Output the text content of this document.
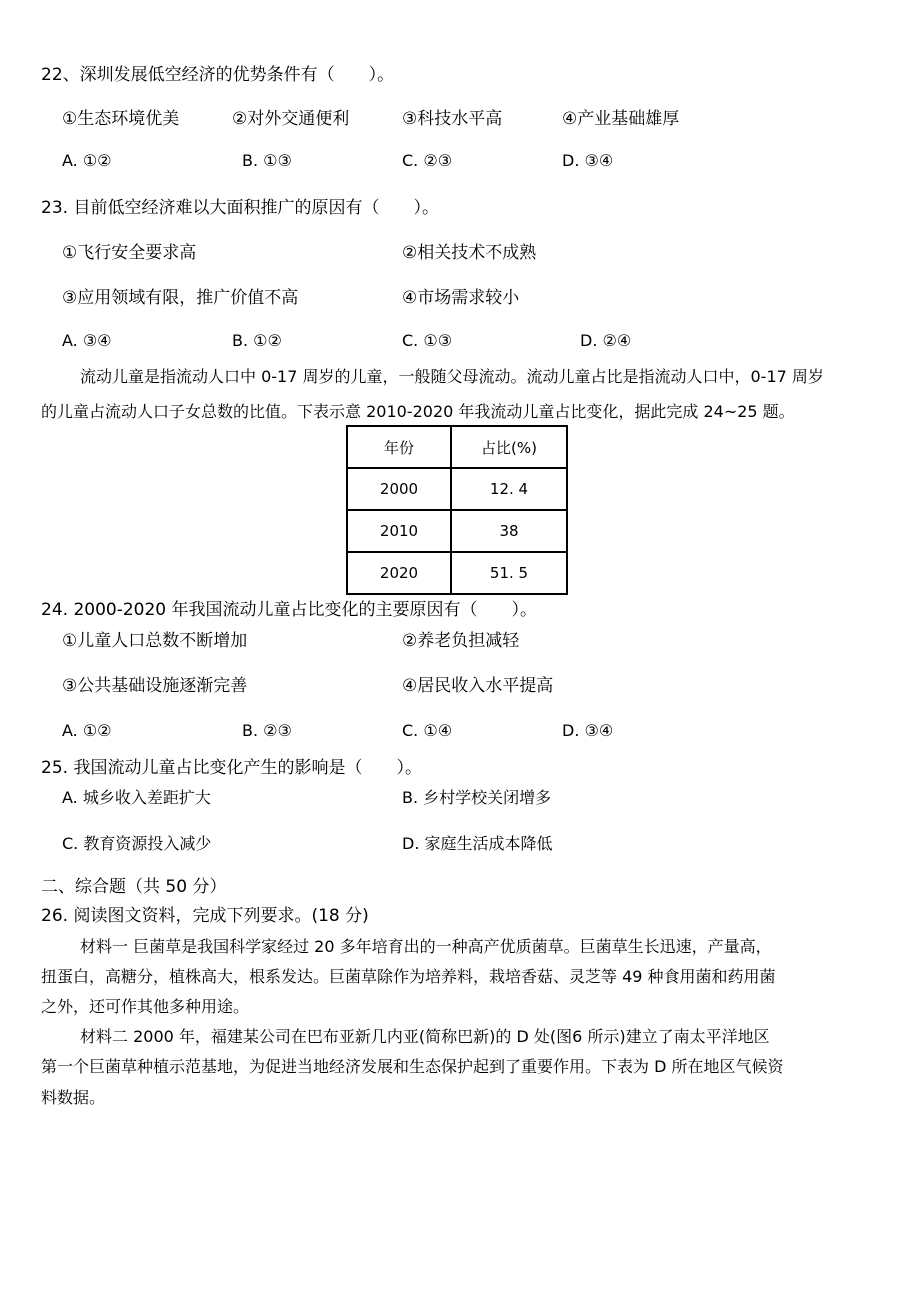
22、深圳发展低空经济的优势条件有（　　）。
①生态环境优美	②对外交通便利	③科技水平高	④产业基础雄厚
A. ①②	B. ①③	C. ②③	D. ③④
23. 目前低空经济难以大面积推广的原因有（　　）。
①飞行安全要求高	②相关技术不成熟
③应用领域有限，推广价值不高	④市场需求较小
A. ③④	B. ①②	C. ①③	D. ②④
流动儿童是指流动人口中 0-17 周岁的儿童，一般随父母流动。流动儿童占比是指流动人口中，0-17 周岁
的儿童占流动人口子女总数的比值。下表示意 2010-2020 年我流动儿童占比变化，据此完成 24~25 题。
年份	占比(%)
2000	12. 4
2010	38
2020	51. 5
24. 2000-2020 年我国流动儿童占比变化的主要原因有（　　）。
①儿童人口总数不断增加	②养老负担减轻
③公共基础设施逐渐完善	④居民收入水平提高
A. ①②	B. ②③	C. ①④	D. ③④
25. 我国流动儿童占比变化产生的影响是（　　）。
A. 城乡收入差距扩大	B. 乡村学校关闭增多
C. 教育资源投入减少	D. 家庭生活成本降低
二、综合题（共 50 分）
26. 阅读图文资料，完成下列要求。(18 分)
材料一 巨菌草是我国科学家经过 20 多年培育出的一种高产优质菌草。巨菌草生长迅速，产量高，
扭蛋白，高糖分，植株高大，根系发达。巨菌草除作为培养料，栽培香菇、灵芝等 49 种食用菌和药用菌
之外，还可作其他多种用途。
材料二 2000 年，福建某公司在巴布亚新几内亚(简称巴新)的 D 处(图6 所示)建立了南太平洋地区
第一个巨菌草种植示范基地，为促进当地经济发展和生态保护起到了重要作用。下表为 D 所在地区气候资
料数据。
